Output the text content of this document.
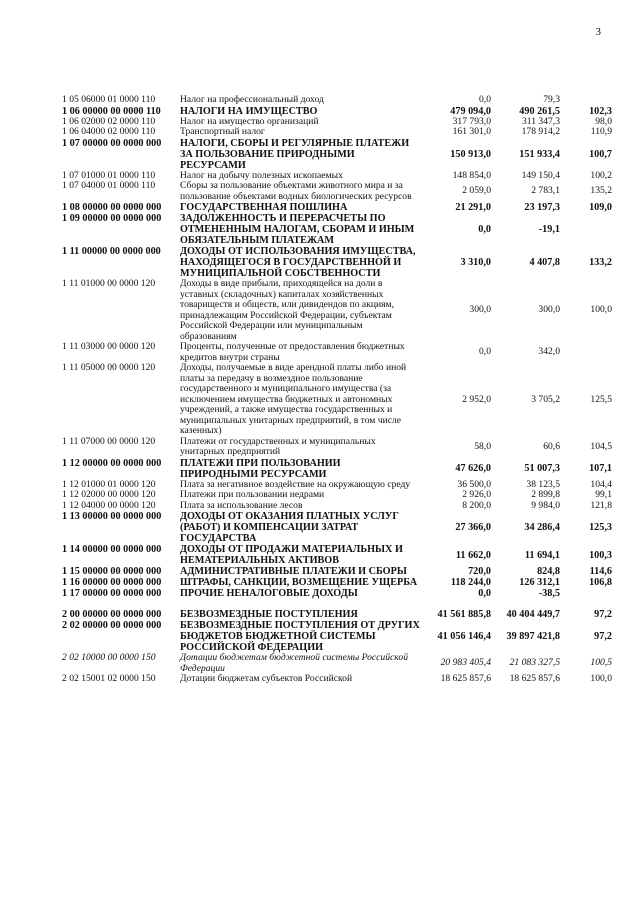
3
1 05 06000 01 0000 110	Налог на профессиональный доход	0,0	79,3	
1 06 00000 00 0000 110	НАЛОГИ НА ИМУЩЕСТВО	479 094,0	490 261,5	102,3
1 06 02000 02 0000 110	Налог на имущество организаций	317 793,0	311 347,3	98,0
1 06 04000 02 0000 110	Транспортный налог	161 301,0	178 914,2	110,9
1 07 00000 00 0000 000	НАЛОГИ, СБОРЫ И РЕГУЛЯРНЫЕ ПЛАТЕЖИ ЗА ПОЛЬЗОВАНИЕ ПРИРОДНЫМИ РЕСУРСАМИ	150 913,0	151 933,4	100,7
1 07 01000 01 0000 110	Налог на добычу полезных ископаемых	148 854,0	149 150,4	100,2
1 07 04000 01 0000 110	Сборы за пользование объектами животного мира и за пользование объектами водных биологических ресурсов	2 059,0	2 783,1	135,2
1 08 00000 00 0000 000	ГОСУДАРСТВЕННАЯ ПОШЛИНА	21 291,0	23 197,3	109,0
1 09 00000 00 0000 000	ЗАДОЛЖЕННОСТЬ И ПЕРЕРАСЧЕТЫ ПО ОТМЕНЕННЫМ НАЛОГАМ, СБОРАМ И ИНЫМ ОБЯЗАТЕЛЬНЫМ ПЛАТЕЖАМ	0,0	-19,1	
1 11 00000 00 0000 000	ДОХОДЫ ОТ ИСПОЛЬЗОВАНИЯ ИМУЩЕСТВА, НАХОДЯЩЕГОСЯ В ГОСУДАРСТВЕННОЙ И МУНИЦИПАЛЬНОЙ СОБСТВЕННОСТИ	3 310,0	4 407,8	133,2
1 11 01000 00 0000 120	Доходы в виде прибыли, приходящейся на доли в уставных (складочных) капиталах хозяйственных товариществ и обществ, или дивидендов по акциям, принадлежащим Российской Федерации, субъектам Российской Федерации или муниципальным образованиям	300,0	300,0	100,0
1 11 03000 00 0000 120	Проценты, полученные от предоставления бюджетных кредитов внутри страны	0,0	342,0	
1 11 05000 00 0000 120	Доходы, получаемые в виде арендной платы либо иной платы за передачу в возмездное пользование государственного и муниципального имущества (за исключением имущества бюджетных и автономных учреждений, а также имущества государственных и муниципальных унитарных предприятий, в том числе казенных)	2 952,0	3 705,2	125,5
1 11 07000 00 0000 120	Платежи от государственных и муниципальных унитарных предприятий	58,0	60,6	104,5
1 12 00000 00 0000 000	ПЛАТЕЖИ ПРИ ПОЛЬЗОВАНИИ ПРИРОДНЫМИ РЕСУРСАМИ	47 626,0	51 007,3	107,1
1 12 01000 01 0000 120	Плата за негативное воздействие на окружающую среду	36 500,0	38 123,5	104,4
1 12 02000 00 0000 120	Платежи при пользовании недрами	2 926,0	2 899,8	99,1
1 12 04000 00 0000 120	Плата за использование лесов	8 200,0	9 984,0	121,8
1 13 00000 00 0000 000	ДОХОДЫ ОТ ОКАЗАНИЯ ПЛАТНЫХ УСЛУГ (РАБОТ) И КОМПЕНСАЦИИ ЗАТРАТ ГОСУДАРСТВА	27 366,0	34 286,4	125,3
1 14 00000 00 0000 000	ДОХОДЫ ОТ ПРОДАЖИ МАТЕРИАЛЬНЫХ И НЕМАТЕРИАЛЬНЫХ АКТИВОВ	11 662,0	11 694,1	100,3
1 15 00000 00 0000 000	АДМИНИСТРАТИВНЫЕ ПЛАТЕЖИ И СБОРЫ	720,0	824,8	114,6
1 16 00000 00 0000 000	ШТРАФЫ, САНКЦИИ, ВОЗМЕЩЕНИЕ УЩЕРБА	118 244,0	126 312,1	106,8
1 17 00000 00 0000 000	ПРОЧИЕ НЕНАЛОГОВЫЕ ДОХОДЫ	0,0	-38,5	

2 00 00000 00 0000 000	БЕЗВОЗМЕЗДНЫЕ ПОСТУПЛЕНИЯ	41 561 885,8	40 404 449,7	97,2
2 02 00000 00 0000 000	БЕЗВОЗМЕЗДНЫЕ ПОСТУПЛЕНИЯ ОТ ДРУГИХ БЮДЖЕТОВ БЮДЖЕТНОЙ СИСТЕМЫ РОССИЙСКОЙ ФЕДЕРАЦИИ	41 056 146,4	39 897 421,8	97,2
2 02 10000 00 0000 150	Дотации бюджетам бюджетной системы Российской Федерации	20 983 405,4	21 083 327,5	100,5
2 02 15001 02 0000 150	Дотации бюджетам субъектов Российской	18 625 857,6	18 625 857,6	100,0
